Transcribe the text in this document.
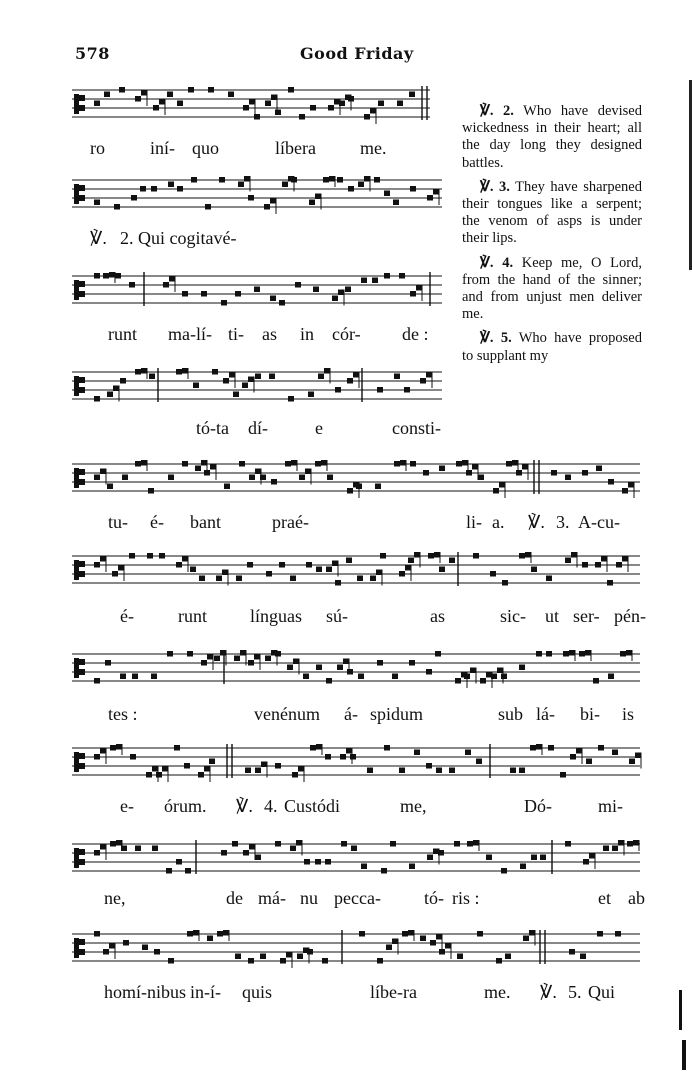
578	Good Friday

℣. 2. Who have devised wickedness in their heart; all the day long they designed battles.

℣. 3. They have sharpened their tongues like a serpent; the venom of asps is under their lips.

℣. 4. Keep me, O Lord, from the hand of the sinner; and from unjust men deliver me.

℣. 5. Who have proposed to supplant my

ro	iní- quo	líbera me.
℣. 2. Qui cogitavé-
runt ma-lí- ti- as in cór- de :
tó-ta dí-	e	consti-
tu- é- bant	praé-	li- a. ℣. 3. A-cu-
é- runt línguas sú-	as	sic- ut ser- pén-
tes :	venénum á- spidum	sub lá- bi- is
e- órum. ℣. 4. Custódi	me,	Dó-	mi-
ne,	de má- nu pecca- tó- ris :	et ab
homí-nibus in-í- quis	líbe-ra	me. ℣. 5. Qui
